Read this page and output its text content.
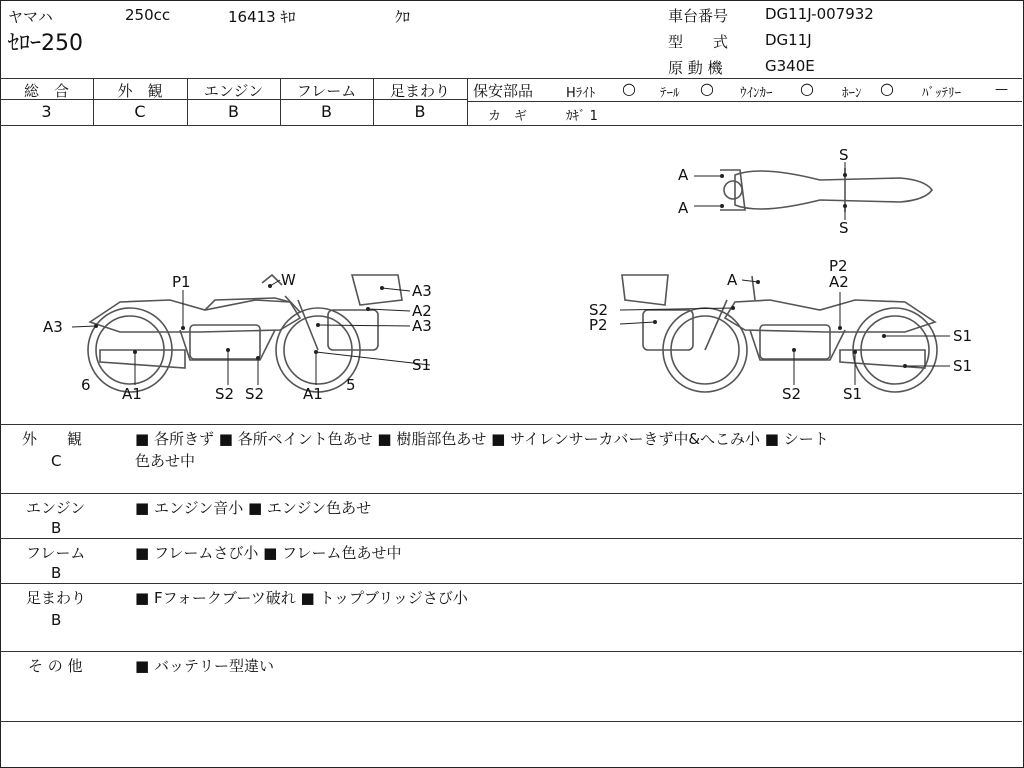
ヤマハ	250cc	16413 ｷﾛ	ｸﾛ
ｾﾛｰ250
車台番号 DG11J-007932
型　　式 DG11J
原 動 機	G340E
総　合	外　観	エンジン	フレーム	足まわり
3	C	B	B	B
保安部品	Hﾗｲﾄ ○ ﾃｰﾙ ○ ｳｲﾝｶｰ ○ ﾎｰﾝ ○ ﾊﾞｯﾃﾘｰ	—
カ　ギ	ｶｷﾞ 1
P1	W
A3
A2
A3
A3
6 A1	S2 S2	A1 5
S1
A
P2
A2
S2
P2
S1
S1
S2	S1
S
A
A
S
外　　観
C
■ 各所きず ■ 各所ペイント色あせ ■ 樹脂部色あせ ■ サイレンサーカバーきず中&へこみ小 ■ シート
色あせ中
エンジン
B
■ エンジン音小 ■ エンジン色あせ
フレーム
B
■ フレームさび小 ■ フレーム色あせ中
足まわり
B
■ Fフォークブーツ破れ ■ トップブリッジさび小
そ の 他	■ バッテリー型違い
